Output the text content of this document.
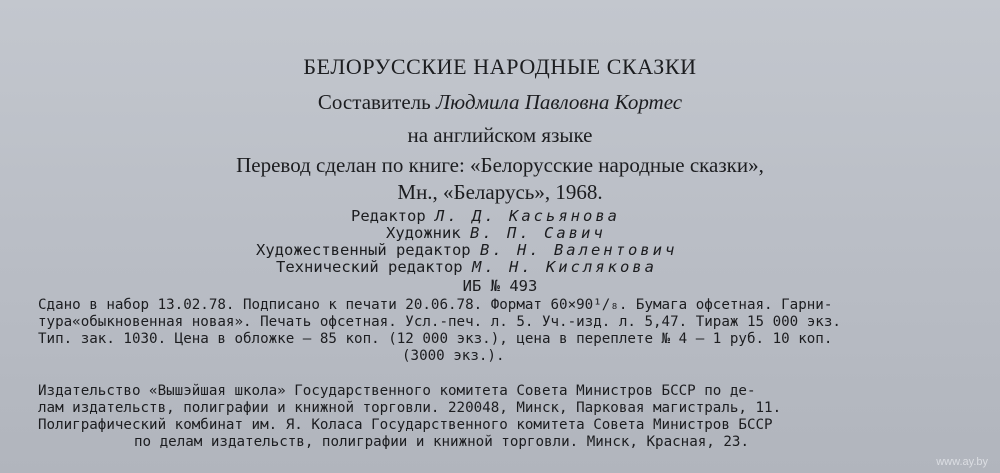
БЕЛОРУССКИЕ НАРОДНЫЕ СКАЗКИ
Составитель Людмила Павловна Кортес
на английском языке
Перевод сделан по книге: «Белорусские народные сказки»,
Мн., «Беларусь», 1968.
Редактор Л. Д. Касьянова
Художник В. П. Савич
Художественный редактор В. Н. Валентович
Технический редактор М. Н. Кислякова
ИБ № 493
Сдано в набор 13.02.78. Подписано к печати 20.06.78. Формат 60×90¹/₈. Бумага офсетная. Гарни-
тура«обыкновенная новая». Печать офсетная. Усл.-печ. л. 5. Уч.-изд. л. 5,47. Тираж 15 000 экз.
Тип. зак. 1030. Цена в обложке — 85 коп. (12 000 экз.), цена в переплете № 4 — 1 руб. 10 коп.
(3000 экз.).
Издательство «Вышэйшая школа» Государственного комитета Совета Министров БССР по де-
лам издательств, полиграфии и книжной торговли. 220048, Минск, Парковая магистраль, 11.
Полиграфический комбинат им. Я. Коласа Государственного комитета Совета Министров БССР
по делам издательств, полиграфии и книжной торговли. Минск, Красная, 23.
www.ay.by
